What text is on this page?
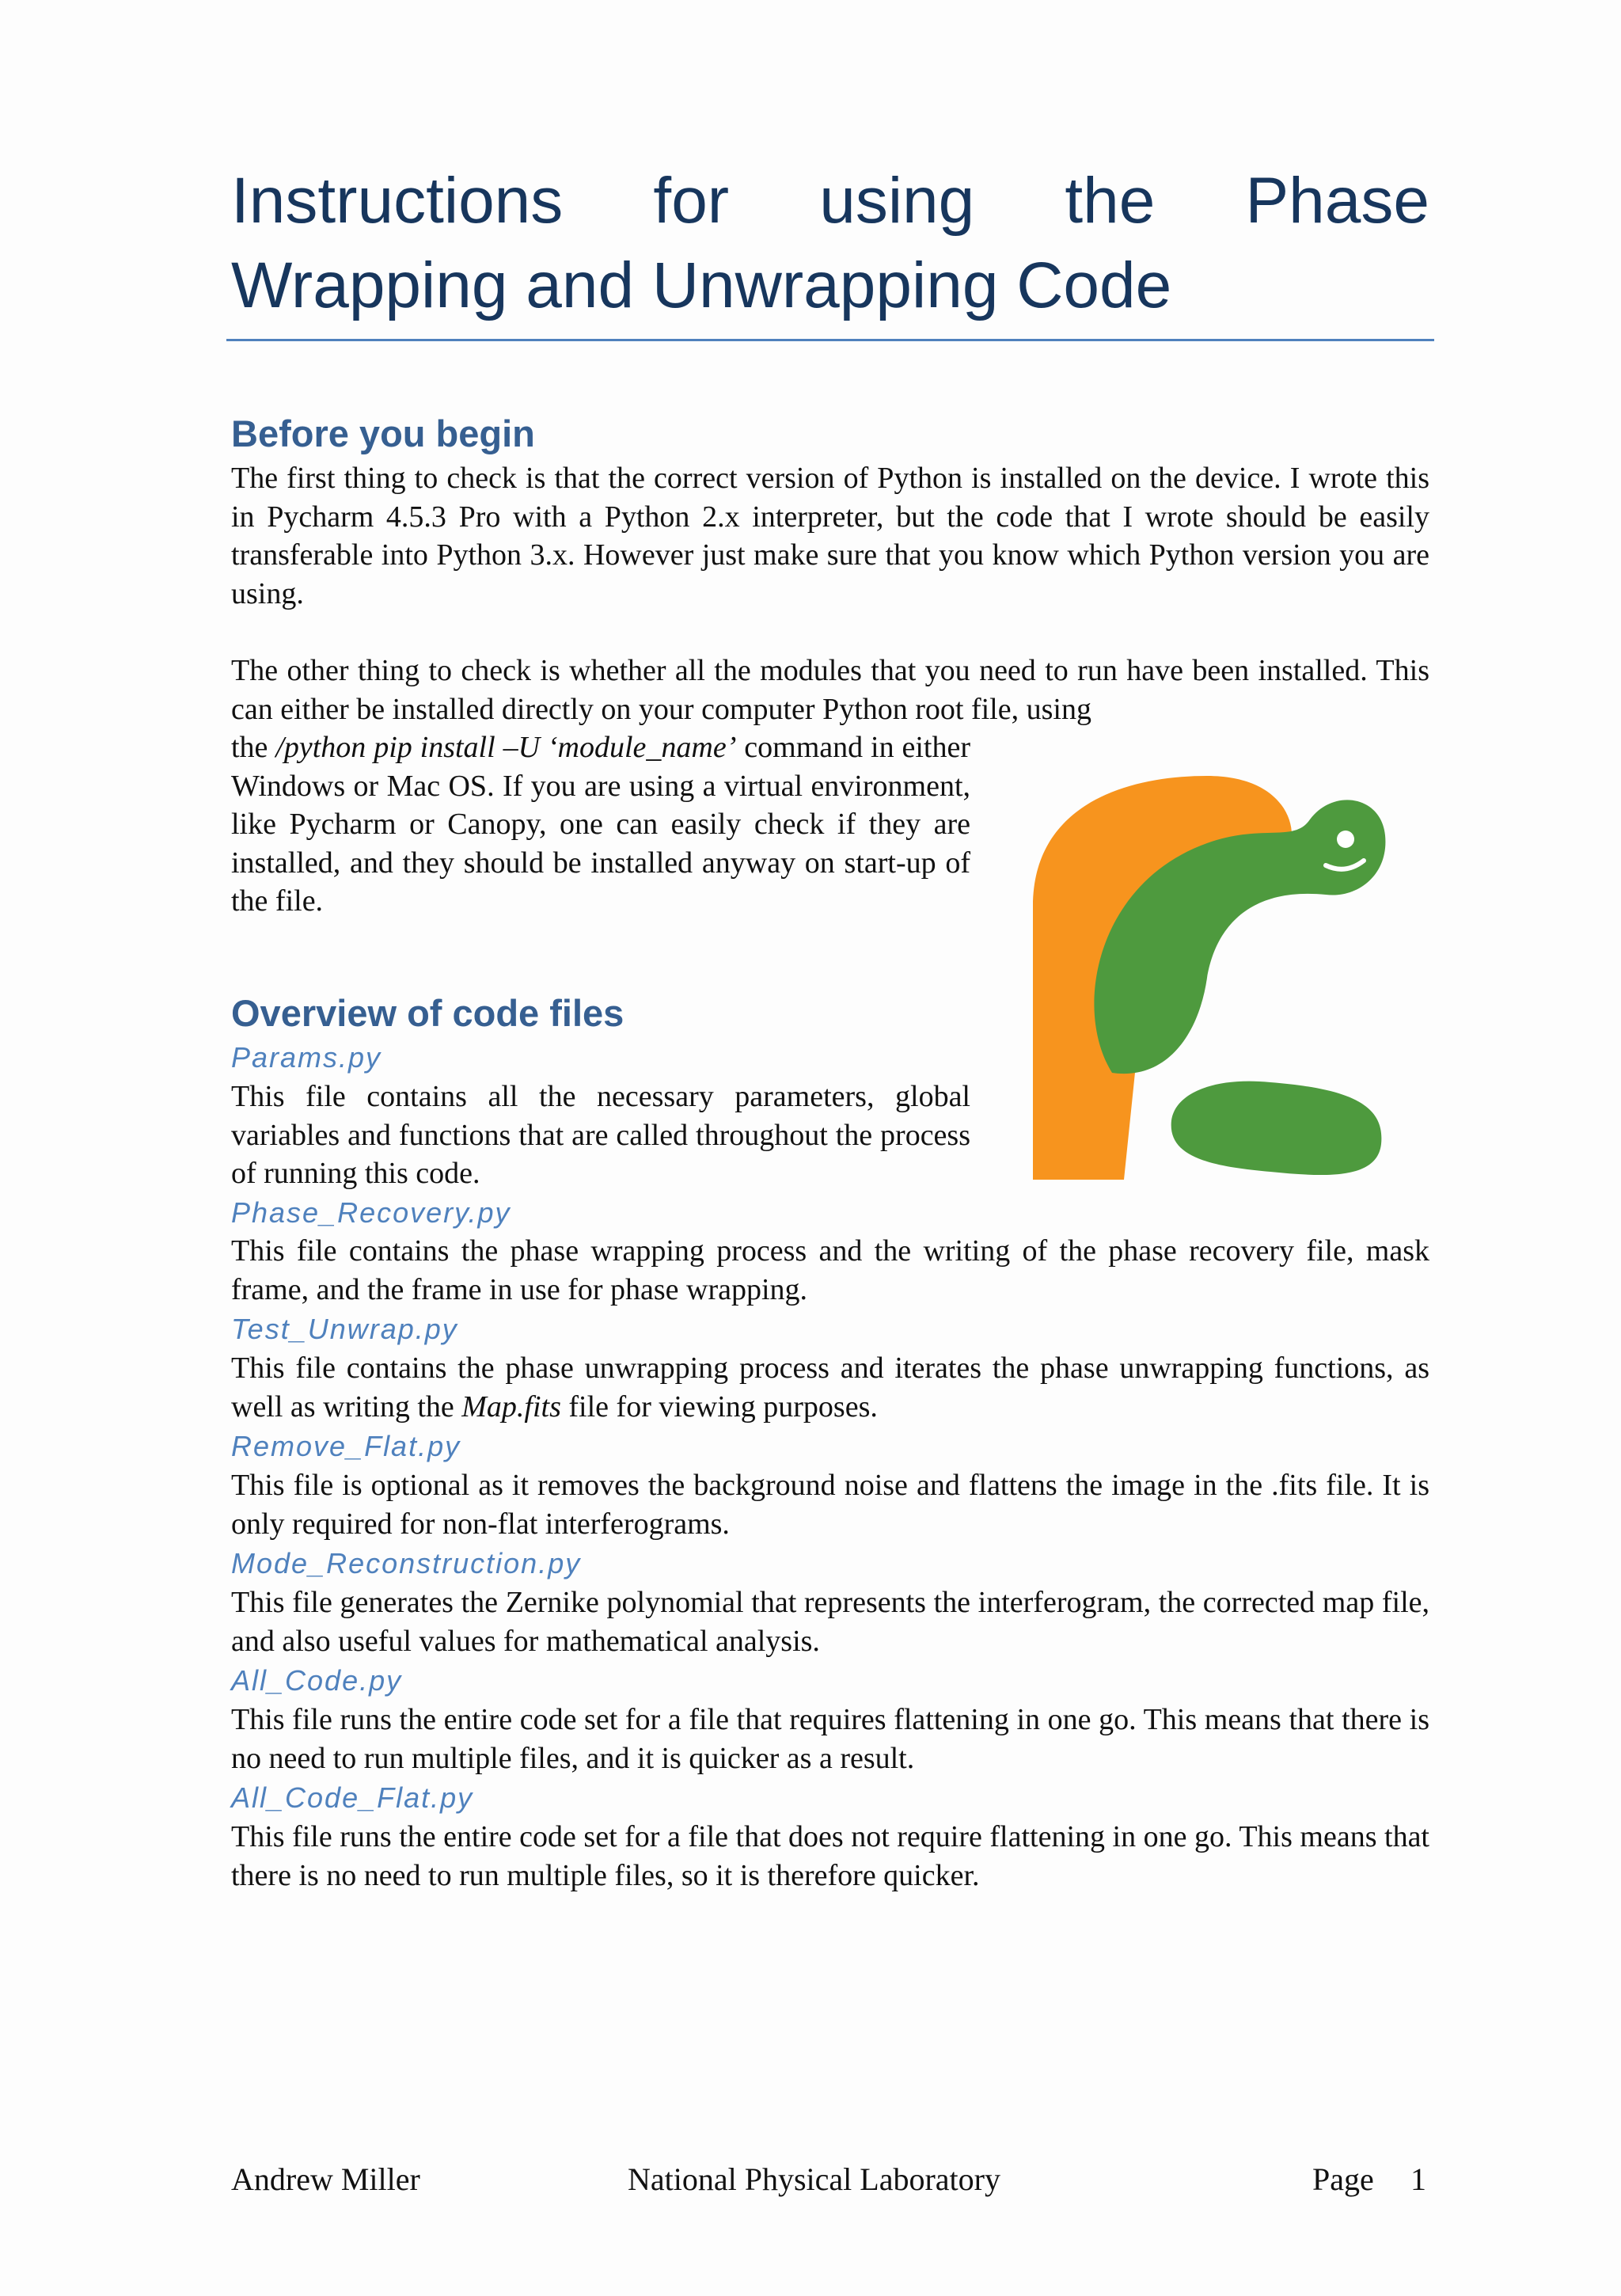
Instructions for using the Phase Wrapping and Unwrapping Code
Before you begin

The first thing to check is that the correct version of Python is installed on the device. I wrote this in Pycharm 4.5.3 Pro with a Python 2.x interpreter, but the code that I wrote should be easily transferable into Python 3.x. However just make sure that you know which Python version you are using.

The other thing to check is whether all the modules that you need to run have been installed. This can either be installed directly on your computer Python root file, using

the /python pip install –U ‘module_name’ command in either Windows or Mac OS. If you are using a virtual environment, like Pycharm or Canopy, one can easily check if they are installed, and they should be installed anyway on start-up of the file.

Overview of code files
Params.py

This file contains all the necessary parameters, global variables and functions that are called throughout the process of running this code.

Phase_Recovery.py

This file contains the phase wrapping process and the writing of the phase recovery file, mask frame, and the frame in use for phase wrapping.

Test_Unwrap.py

This file contains the phase unwrapping process and iterates the phase unwrapping functions, as well as writing the Map.fits file for viewing purposes.

Remove_Flat.py

This file is optional as it removes the background noise and flattens the image in the .fits file. It is only required for non-flat interferograms.

Mode_Reconstruction.py

This file generates the Zernike polynomial that represents the interferogram, the corrected map file, and also useful values for mathematical analysis.

All_Code.py

This file runs the entire code set for a file that requires flattening in one go. This means that there is no need to run multiple files, and it is quicker as a result.

All_Code_Flat.py

This file runs the entire code set for a file that does not require flattening in one go. This means that there is no need to run multiple files, so it is therefore quicker.

Andrew Miller	National Physical Laboratory	Page 1
